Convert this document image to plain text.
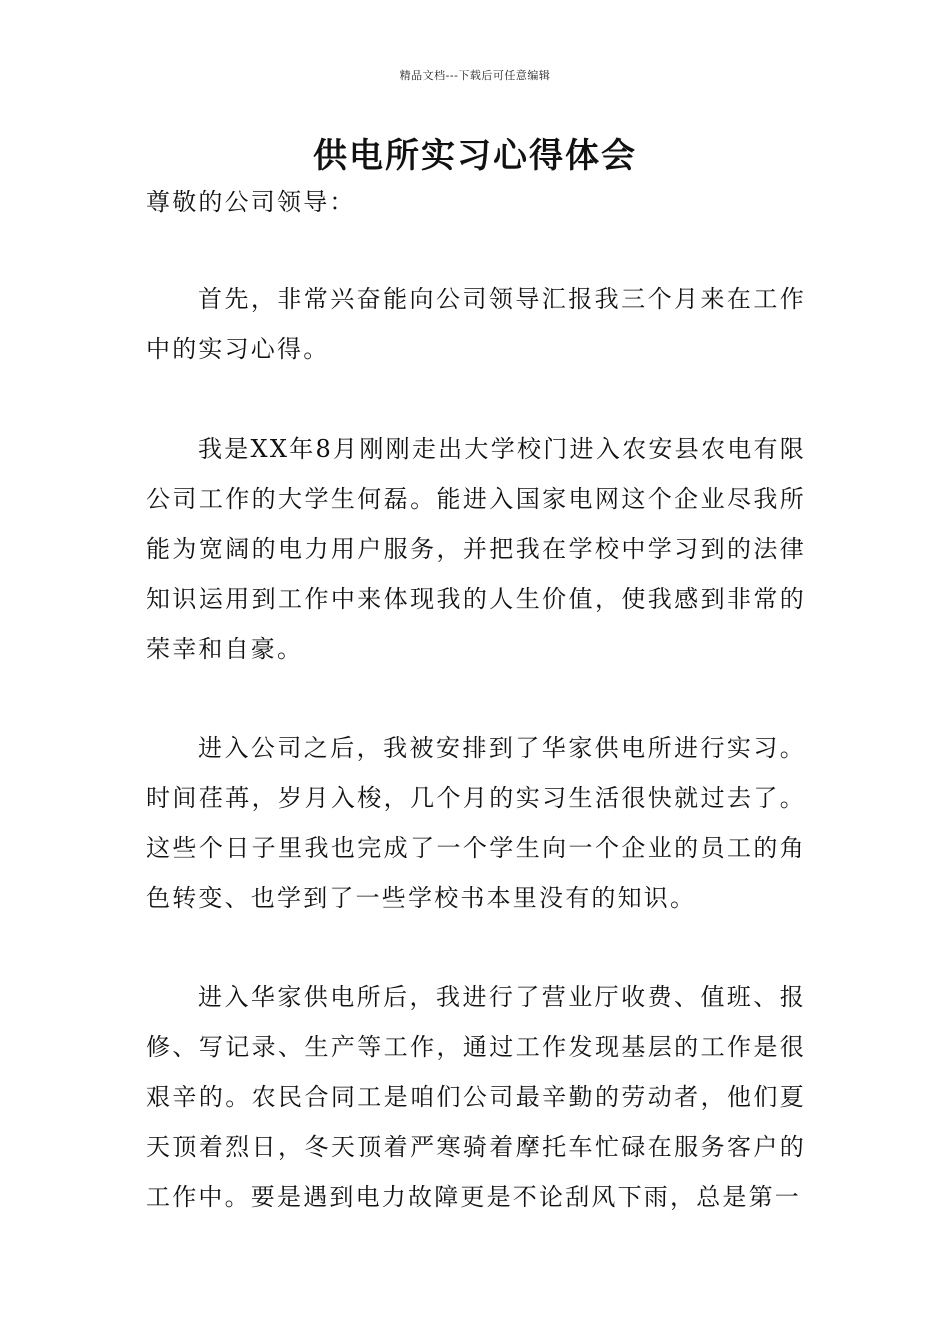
精品文档---下载后可任意编辑
供电所实习心得体会

尊敬的公司领导：

首先，非常兴奋能向公司领导汇报我三个月来在工作中的实习心得。

我是XX年8月刚刚走出大学校门进入农安县农电有限公司工作的大学生何磊。能进入国家电网这个企业尽我所能为宽阔的电力用户服务，并把我在学校中学习到的法律知识运用到工作中来体现我的人生价值，使我感到非常的荣幸和自豪。

进入公司之后，我被安排到了华家供电所进行实习。时间荏苒，岁月入梭，几个月的实习生活很快就过去了。这些个日子里我也完成了一个学生向一个企业的员工的角色转变、也学到了一些学校书本里没有的知识。

进入华家供电所后，我进行了营业厅收费、值班、报修、写记录、生产等工作，通过工作发现基层的工作是很艰辛的。农民合同工是咱们公司最辛勤的劳动者，他们夏天顶着烈日，冬天顶着严寒骑着摩托车忙碌在服务客户的工作中。要是遇到电力故障更是不论刮风下雨，总是第一
